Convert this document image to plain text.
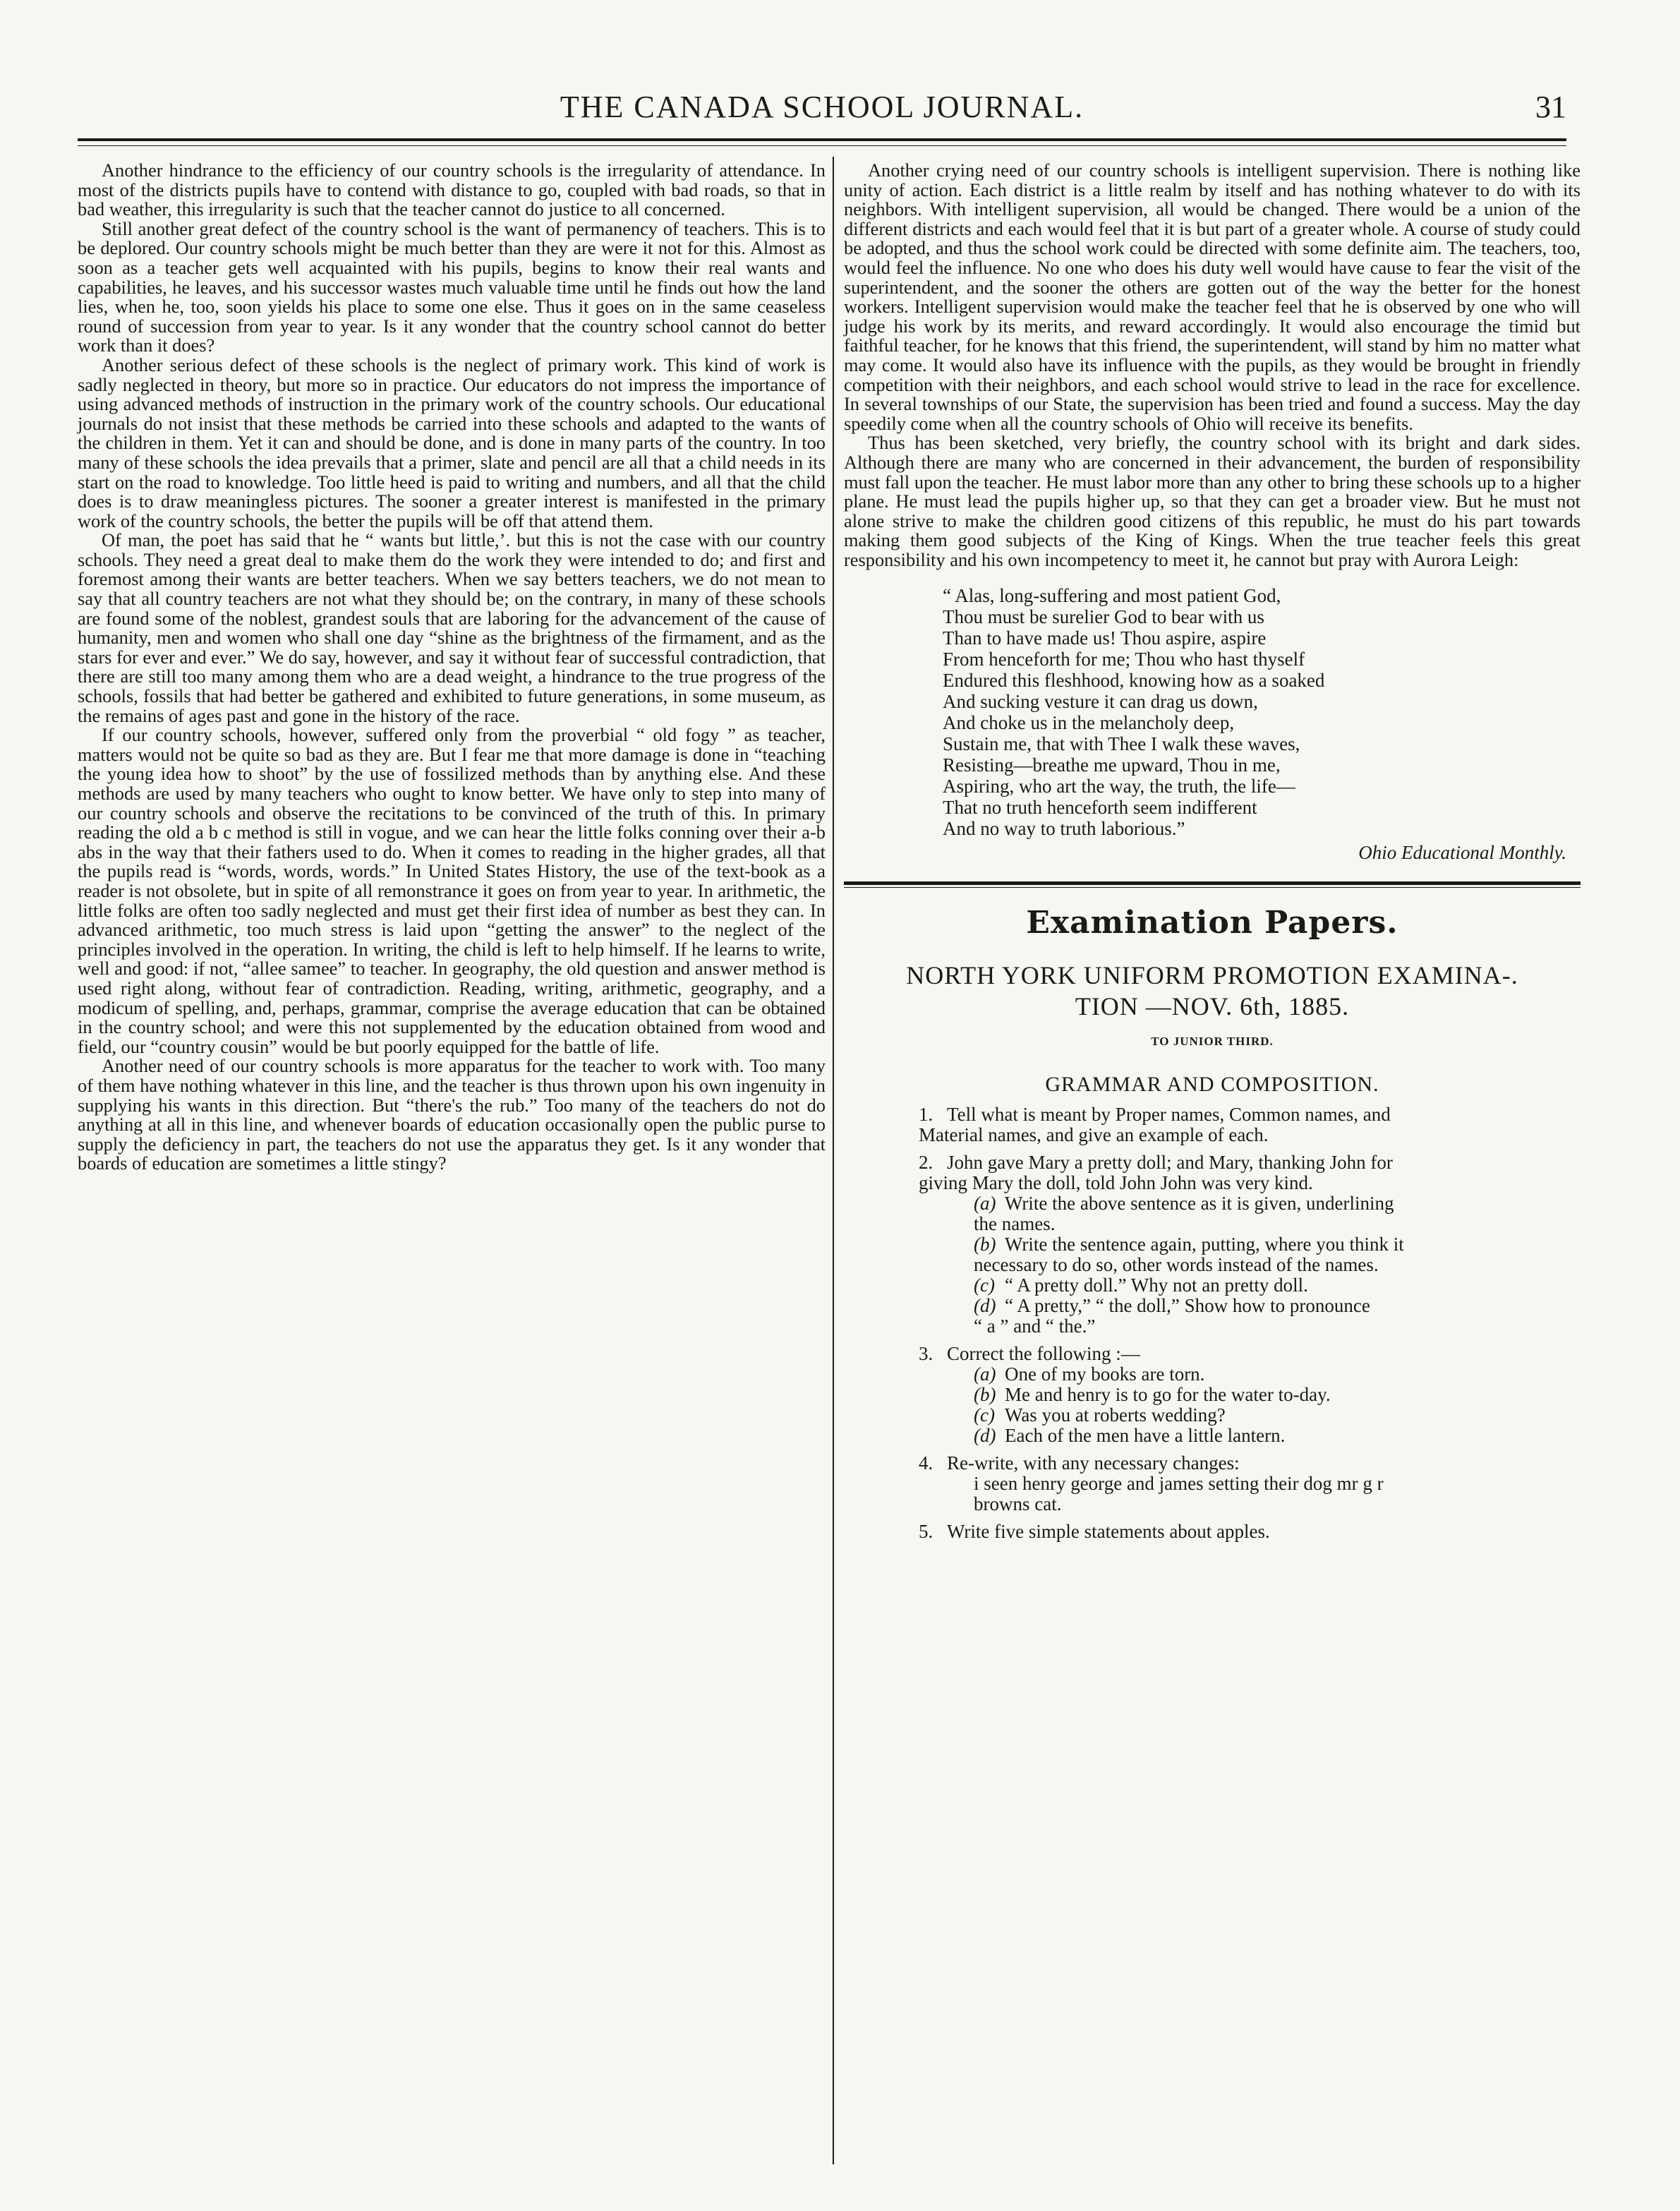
THE CANADA SCHOOL JOURNAL.	31

Another hindrance to the efficiency of our country schools is the irregularity of attendance. In most of the districts pupils have to contend with distance to go, coupled with bad roads, so that in bad weather, this irregularity is such that the teacher cannot do justice to all concerned.

Still another great defect of the country school is the want of permanency of teachers. This is to be deplored. Our country schools might be much better than they are were it not for this. Almost as soon as a teacher gets well acquainted with his pupils, begins to know their real wants and capabilities, he leaves, and his successor wastes much valuable time until he finds out how the land lies, when he, too, soon yields his place to some one else. Thus it goes on in the same ceaseless round of succession from year to year. Is it any wonder that the country school cannot do better work than it does?

Another serious defect of these schools is the neglect of primary work. This kind of work is sadly neglected in theory, but more so in practice. Our educators do not impress the importance of using advanced methods of instruction in the primary work of the country schools. Our educational journals do not insist that these methods be carried into these schools and adapted to the wants of the children in them. Yet it can and should be done, and is done in many parts of the country. In too many of these schools the idea prevails that a primer, slate and pencil are all that a child needs in its start on the road to knowledge. Too little heed is paid to writing and numbers, and all that the child does is to draw meaningless pictures. The sooner a greater interest is manifested in the primary work of the country schools, the better the pupils will be off that attend them.

Of man, the poet has said that he “ wants but little,’. but this is not the case with our country schools. They need a great deal to make them do the work they were intended to do; and first and foremost among their wants are better teachers. When we say betters teachers, we do not mean to say that all country teachers are not what they should be; on the contrary, in many of these schools are found some of the noblest, grandest souls that are laboring for the advancement of the cause of humanity, men and women who shall one day “shine as the brightness of the firmament, and as the stars for ever and ever.” We do say, however, and say it without fear of successful contradiction, that there are still too many among them who are a dead weight, a hindrance to the true progress of the schools, fossils that had better be gathered and exhibited to future generations, in some museum, as the remains of ages past and gone in the history of the race.

If our country schools, however, suffered only from the proverbial “ old fogy ” as teacher, matters would not be quite so bad as they are. But I fear me that more damage is done in “teaching the young idea how to shoot” by the use of fossilized methods than by anything else. And these methods are used by many teachers who ought to know better. We have only to step into many of our country schools and observe the recitations to be convinced of the truth of this. In primary reading the old a b c method is still in vogue, and we can hear the little folks conning over their a-b abs in the way that their fathers used to do. When it comes to reading in the higher grades, all that the pupils read is “words, words, words.” In United States History, the use of the text-book as a reader is not obsolete, but in spite of all remonstrance it goes on from year to year. In arithmetic, the little folks are often too sadly neglected and must get their first idea of number as best they can. In advanced arithmetic, too much stress is laid upon “getting the answer” to the neglect of the principles involved in the operation. In writing, the child is left to help himself. If he learns to write, well and good: if not, “allee samee” to teacher. In geography, the old question and answer method is used right along, without fear of contradiction. Reading, writing, arithmetic, geography, and a modicum of spelling, and, perhaps, grammar, comprise the average education that can be obtained in the country school; and were this not supplemented by the education obtained from wood and field, our “country cousin” would be but poorly equipped for the battle of life.

Another need of our country schools is more apparatus for the teacher to work with. Too many of them have nothing whatever in this line, and the teacher is thus thrown upon his own ingenuity in supplying his wants in this direction. But “there's the rub.” Too many of the teachers do not do anything at all in this line, and whenever boards of education occasionally open the public purse to supply the deficiency in part, the teachers do not use the apparatus they get. Is it any wonder that boards of education are sometimes a little stingy?

Another crying need of our country schools is intelligent supervision. There is nothing like unity of action. Each district is a little realm by itself and has nothing whatever to do with its neighbors. With intelligent supervision, all would be changed. There would be a union of the different districts and each would feel that it is but part of a greater whole. A course of study could be adopted, and thus the school work could be directed with some definite aim. The teachers, too, would feel the influence. No one who does his duty well would have cause to fear the visit of the superintendent, and the sooner the others are gotten out of the way the better for the honest workers. Intelligent supervision would make the teacher feel that he is observed by one who will judge his work by its merits, and reward accordingly. It would also encourage the timid but faithful teacher, for he knows that this friend, the superintendent, will stand by him no matter what may come. It would also have its influence with the pupils, as they would be brought in friendly competition with their neighbors, and each school would strive to lead in the race for excellence. In several townships of our State, the supervision has been tried and found a success. May the day speedily come when all the country schools of Ohio will receive its benefits.

Thus has been sketched, very briefly, the country school with its bright and dark sides. Although there are many who are concerned in their advancement, the burden of responsibility must fall upon the teacher. He must labor more than any other to bring these schools up to a higher plane. He must lead the pupils higher up, so that they can get a broader view. But he must not alone strive to make the children good citizens of this republic, he must do his part towards making them good subjects of the King of Kings. When the true teacher feels this great responsibility and his own incompetency to meet it, he cannot but pray with Aurora Leigh:

“ Alas, long-suffering and most patient God,
Thou must be surelier God to bear with us
Than to have made us! Thou aspire, aspire
From henceforth for me; Thou who hast thyself
Endured this fleshhood, knowing how as a soaked
And sucking vesture it can drag us down,
And choke us in the melancholy deep,
Sustain me, that with Thee I walk these waves,
Resisting—breathe me upward, Thou in me,
Aspiring, who art the way, the truth, the life—
That no truth henceforth seem indifferent
And no way to truth laborious.”
Ohio Educational Monthly.
Examination Papers.
NORTH YORK UNIFORM PROMOTION EXAMINA-.
TION —NOV. 6th, 1885.
TO JUNIOR THIRD.
GRAMMAR AND COMPOSITION.

1. Tell what is meant by Proper names, Common names, and

Material names, and give an example of each.

2. John gave Mary a pretty doll; and Mary, thanking John for

giving Mary the doll, told John John was very kind.

(a) Write the above sentence as it is given, underlining

the names.

(b) Write the sentence again, putting, where you think it

necessary to do so, other words instead of the names.

(c) “ A pretty doll.” Why not an pretty doll.

(d) “ A pretty,” “ the doll,” Show how to pronounce

“ a ” and “ the.”

3. Correct the following :—

(a) One of my books are torn.

(b) Me and henry is to go for the water to-day.

(c) Was you at roberts wedding?

(d) Each of the men have a little lantern.

4. Re-write, with any necessary changes:

i seen henry george and james setting their dog mr g r

browns cat.

5. Write five simple statements about apples.
